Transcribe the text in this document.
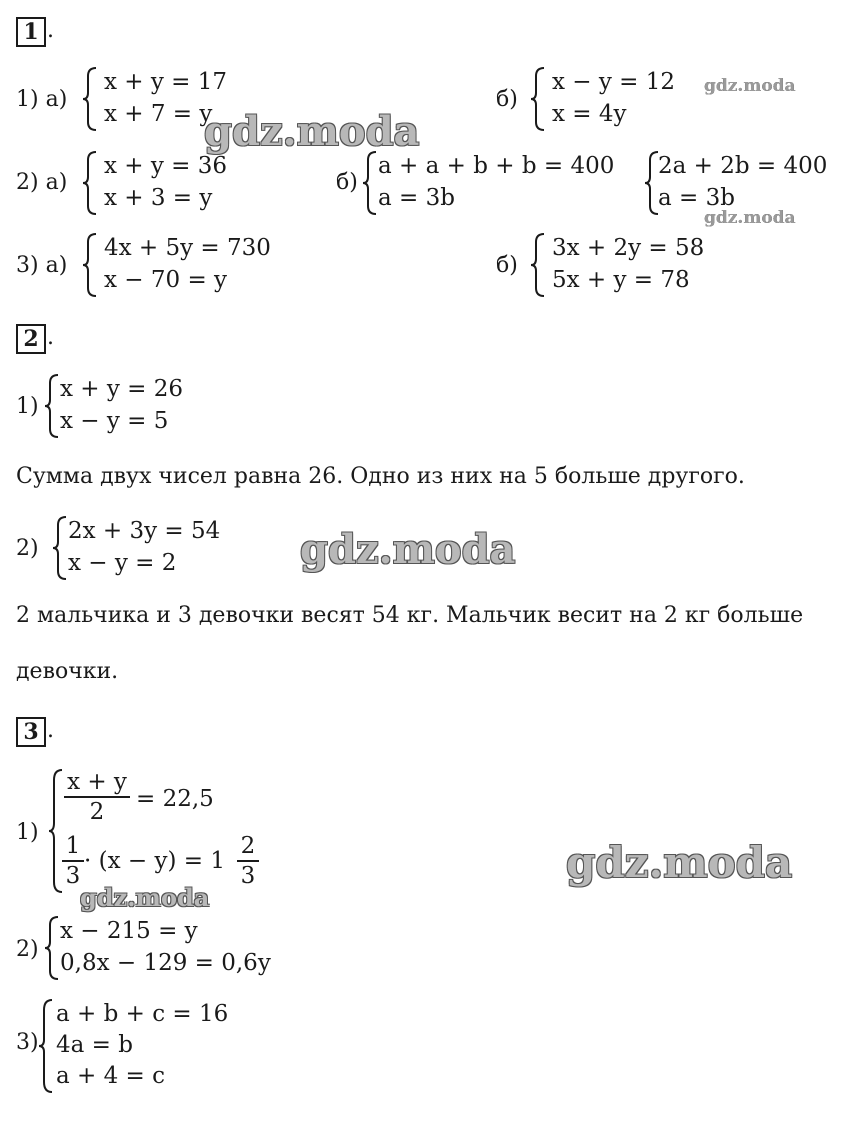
1 .
1) а)
x + y = 17
x + 7 = y
б)
x − y = 12
x = 4y
2) а)
x + y = 36
x + 3 = y
б)
a + a + b + b = 400
a = 3b
2a + 2b = 400
a = 3b
3) а)
4x + 5y = 730
x − 70 = y
б)
3x + 2y = 58
5x + y = 78
2 .
1)
x + y = 26
x − y = 5
Сумма двух чисел равна 26. Одно из них на 5 больше другого.
2)
2x + 3y = 54
x − y = 2
2 мальчика и 3 девочки весят 54 кг. Мальчик весит на 2 кг больше
девочки.
3 .
1)
$\frac{x + y}{2} = 22,5$
$\frac{1}{3} \cdot (x - y) = 1 \frac{2}{3}$
2)
x − 215 = y
0,8x − 129 = 0,6y
3)
a + b + c = 16
4a = b
a + 4 = c
gdz.moda
gdz.moda
gdz.moda
gdz.moda
gdz.moda
gdz.moda
